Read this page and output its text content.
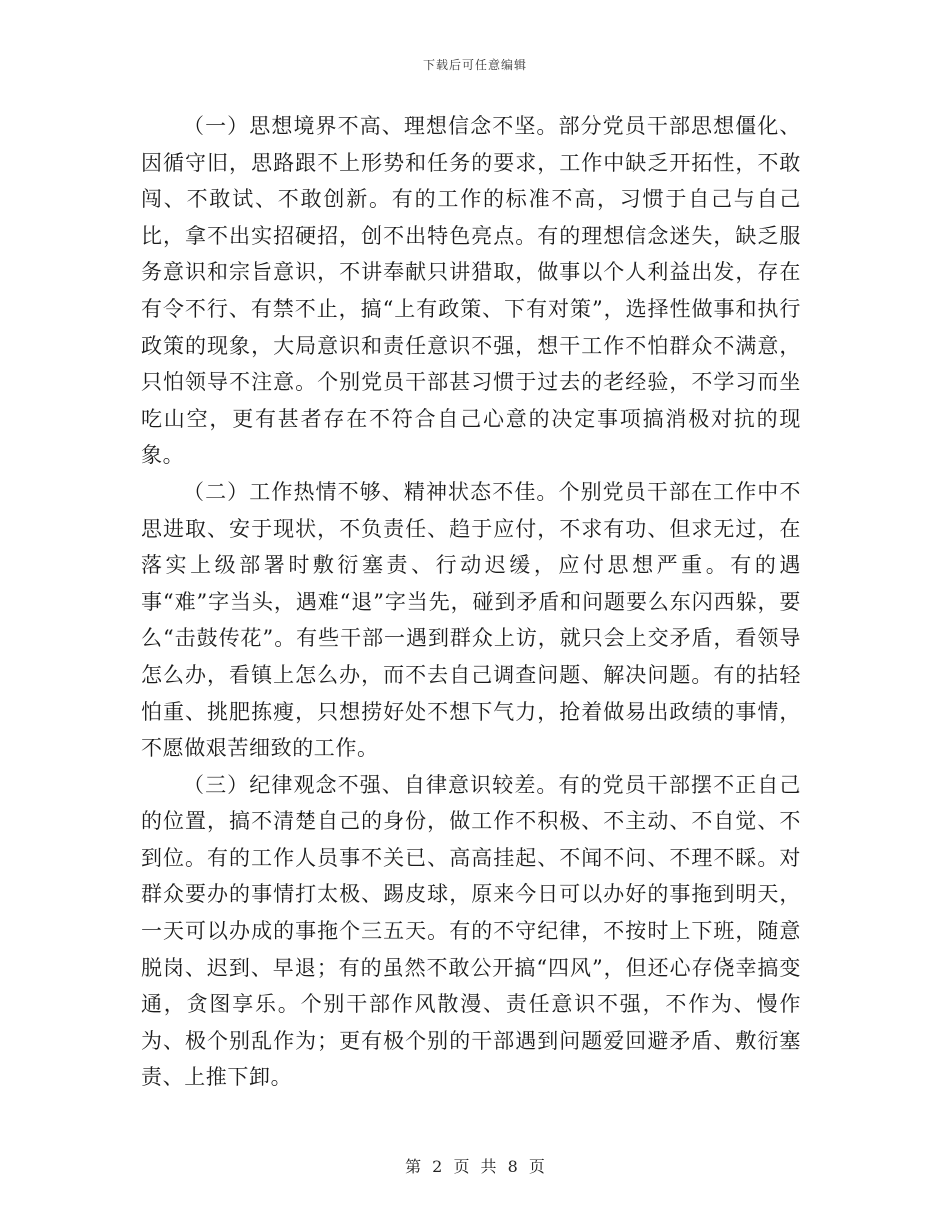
下载后可任意编辑

（一）思想境界不高、理想信念不坚。部分党员干部思想僵化、因循守旧，思路跟不上形势和任务的要求，工作中缺乏开拓性，不敢闯、不敢试、不敢创新。有的工作的标准不高，习惯于自己与自己比，拿不出实招硬招，创不出特色亮点。有的理想信念迷失，缺乏服务意识和宗旨意识，不讲奉献只讲猎取，做事以个人利益出发，存在有令不行、有禁不止，搞“上有政策、下有对策”，选择性做事和执行政策的现象，大局意识和责任意识不强，想干工作不怕群众不满意，只怕领导不注意。个别党员干部甚习惯于过去的老经验，不学习而坐吃山空，更有甚者存在不符合自己心意的决定事项搞消极对抗的现象。

（二）工作热情不够、精神状态不佳。个别党员干部在工作中不思进取、安于现状，不负责任、趋于应付，不求有功、但求无过，在落实上级部署时敷衍塞责、行动迟缓，应付思想严重。有的遇事“难”字当头，遇难“退”字当先，碰到矛盾和问题要么东闪西躲，要么“击鼓传花”。有些干部一遇到群众上访，就只会上交矛盾，看领导怎么办，看镇上怎么办，而不去自己调查问题、解决问题。有的拈轻怕重、挑肥拣瘦，只想捞好处不想下气力，抢着做易出政绩的事情，不愿做艰苦细致的工作。

（三）纪律观念不强、自律意识较差。有的党员干部摆不正自己的位置，搞不清楚自己的身份，做工作不积极、不主动、不自觉、不到位。有的工作人员事不关已、高高挂起、不闻不问、不理不睬。对群众要办的事情打太极、踢皮球，原来今日可以办好的事拖到明天，一天可以办成的事拖个三五天。有的不守纪律，不按时上下班，随意脱岗、迟到、早退；有的虽然不敢公开搞“四风”，但还心存侥幸搞变通，贪图享乐。个别干部作风散漫、责任意识不强，不作为、慢作为、极个别乱作为；更有极个别的干部遇到问题爱回避矛盾、敷衍塞责、上推下卸。

第 2 页 共 8 页
